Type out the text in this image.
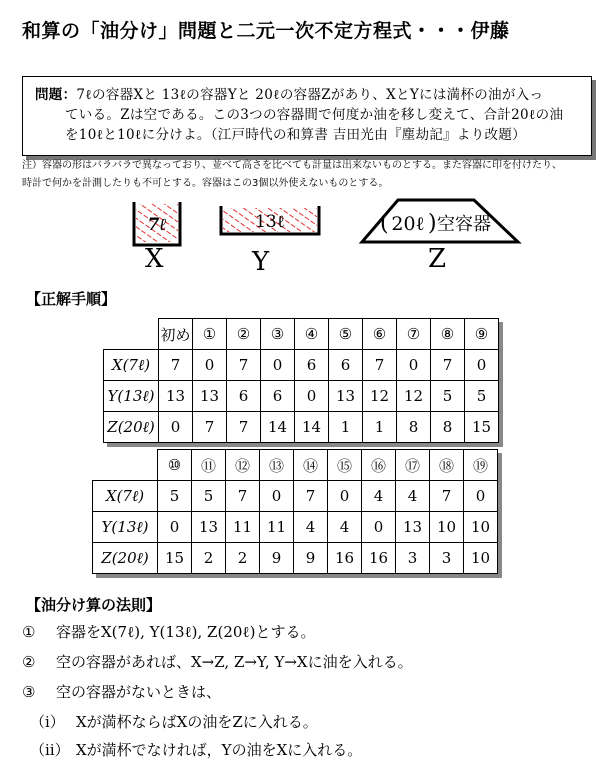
和算の「油分け」問題と二元一次不定方程式・・・伊藤
問題：7ℓの容器Xと 13ℓの容器Yと 20ℓの容器Zがあり、XとYには満杯の油が入っ
ている。Zは空である。この3つの容器間で何度か油を移し変えて、合計20ℓの油
を10ℓと10ℓに分けよ。（江戸時代の和算書 吉田光由『塵劫記』より改題）
注）容器の形はバラバラで異なっており、並べて高さを比べても計量は出来ないものとする。また容器に印を付けたり、
時計で何かを計測したりも不可とする。容器はこの3個以外使えないものとする。
7ℓ	13ℓ	( 20ℓ ) 空容器
X	Y	Z
【正解手順】
	初め	①	②	③	④	⑤	⑥	⑦	⑧	⑨
X(7ℓ)	7	0	7	0	6	6	7	0	7	0
Y(13ℓ)	13	13	6	6	0	13	12	12	5	5
Z(20ℓ)	0	7	7	14	14	1	1	8	8	15
	⑩	⑪	⑫	⑬	⑭	⑮	⑯	⑰	⑱	⑲
X(7ℓ)	5	5	7	0	7	0	4	4	7	0
Y(13ℓ)	0	13	11	11	4	4	0	13	10	10
Z(20ℓ)	15	2	2	9	9	16	16	3	3	10
【油分け算の法則】
① 容器をX(7ℓ), Y(13ℓ), Z(20ℓ)とする。
② 空の容器があれば、X→Z, Z→Y, Y→Xに油を入れる。
③ 空の容器がないときは、
（ⅰ） Xが満杯ならばXの油をZに入れる。
（ⅱ） Xが満杯でなければ，Yの油をXに入れる。
